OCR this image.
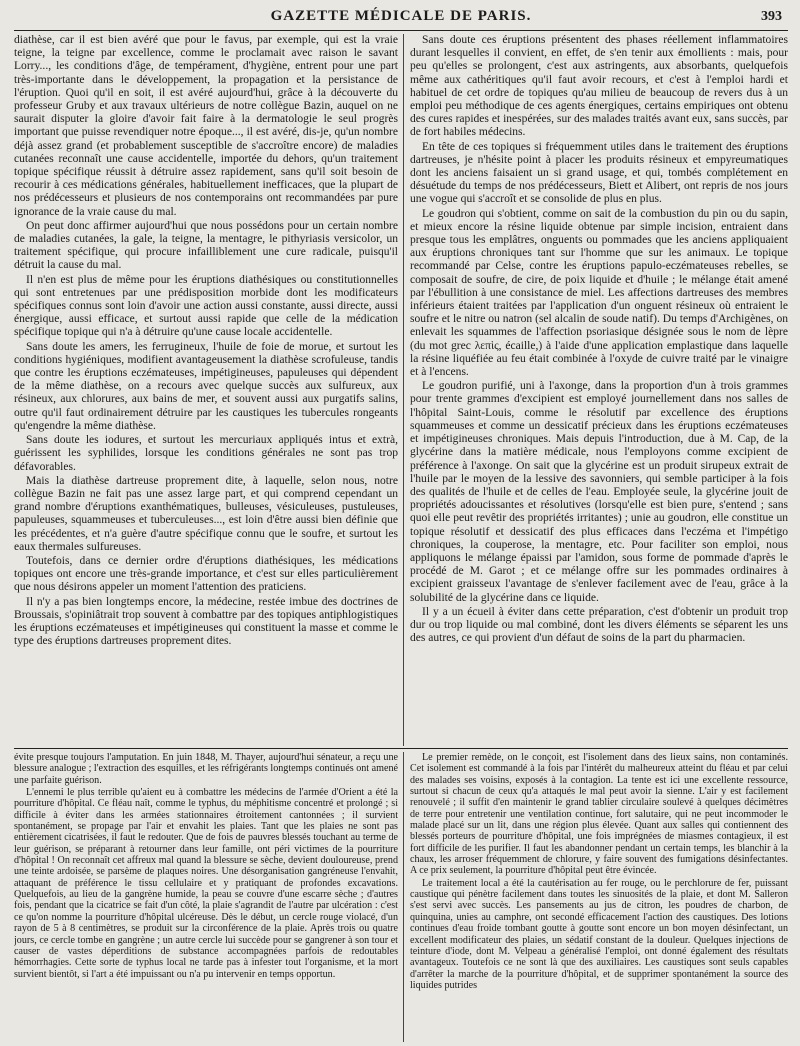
GAZETTE MÉDICALE DE PARIS.	393

diathèse, car il est bien avéré que pour le favus, par exemple, qui est la vraie teigne, la teigne par excellence, comme le proclamait avec raison le savant Lorry..., les conditions d'âge, de tempérament, d'hygiène, entrent pour une part très-importante dans le développement, la propagation et la persistance de l'éruption. Quoi qu'il en soit, il est avéré aujourd'hui, grâce à la découverte du professeur Gruby et aux travaux ultérieurs de notre collègue Bazin, auquel on ne saurait disputer la gloire d'avoir fait faire à la dermatologie le seul progrès important que puisse revendiquer notre époque..., il est avéré, dis-je, qu'un nombre déjà assez grand (et probablement susceptible de s'accroître encore) de maladies cutanées reconnaît une cause accidentelle, importée du dehors, qu'un traitement topique spécifique réussit à détruire assez rapidement, sans qu'il soit besoin de recourir à ces médications générales, habituellement inefficaces, que la plupart de nos prédécesseurs et plusieurs de nos contemporains ont recommandées par pure ignorance de la vraie cause du mal.

On peut donc affirmer aujourd'hui que nous possédons pour un certain nombre de maladies cutanées, la gale, la teigne, la mentagre, le pithyriasis versicolor, un traitement spécifique, qui procure infailliblement une cure radicale, puisqu'il détruit la cause du mal.

Il n'en est plus de même pour les éruptions diathésiques ou constitutionnelles qui sont entretenues par une prédisposition morbide dont les modificateurs spécifiques connus sont loin d'avoir une action aussi constante, aussi directe, aussi énergique, aussi efficace, et surtout aussi rapide que celle de la médication spécifique topique qui n'a à détruire qu'une cause locale accidentelle.

Sans doute les amers, les ferrugineux, l'huile de foie de morue, et surtout les conditions hygiéniques, modifient avantageusement la diathèse scrofuleuse, tandis que contre les éruptions eczémateuses, impétigineuses, papuleuses qui dépendent de la même diathèse, on a recours avec quelque succès aux sulfureux, aux résineux, aux chlorures, aux bains de mer, et souvent aussi aux purgatifs salins, outre qu'il faut ordinairement détruire par les caustiques les tubercules rongeants qu'engendre la même diathèse.

Sans doute les iodures, et surtout les mercuriaux appliqués intus et extrà, guérissent les syphilides, lorsque les conditions générales ne sont pas trop défavorables.

Mais la diathèse dartreuse proprement dite, à laquelle, selon nous, notre collègue Bazin ne fait pas une assez large part, et qui comprend cependant un grand nombre d'éruptions exanthématiques, bulleuses, vésiculeuses, pustuleuses, papuleuses, squammeuses et tuberculeuses..., est loin d'être aussi bien définie que les précédentes, et n'a guère d'autre spécifique connu que le soufre, et surtout les eaux thermales sulfureuses.

Toutefois, dans ce dernier ordre d'éruptions diathésiques, les médications topiques ont encore une très-grande importance, et c'est sur elles particulièrement que nous désirons appeler un moment l'attention des praticiens.

Il n'y a pas bien longtemps encore, la médecine, restée imbue des doctrines de Broussais, s'opiniâtrait trop souvent à combattre par des topiques antiphlogistiques les éruptions eczémateuses et impétigineuses qui constituent la masse et comme le type des éruptions dartreuses proprement dites.

Sans doute ces éruptions présentent des phases réellement inflammatoires durant lesquelles il convient, en effet, de s'en tenir aux émollients : mais, pour peu qu'elles se prolongent, c'est aux astringents, aux absorbants, quelquefois même aux cathéritiques qu'il faut avoir recours, et c'est à l'emploi hardi et habituel de cet ordre de topiques qu'au milieu de beaucoup de revers dus à un emploi peu méthodique de ces agents énergiques, certains empiriques ont obtenu des cures rapides et inespérées, sur des malades traités avant eux, sans succès, par de fort habiles médecins.

En tête de ces topiques si fréquemment utiles dans le traitement des éruptions dartreuses, je n'hésite point à placer les produits résineux et empyreumatiques dont les anciens faisaient un si grand usage, et qui, tombés complétement en désuétude du temps de nos prédécesseurs, Biett et Alibert, ont repris de nos jours une vogue qui s'accroît et se consolide de plus en plus.

Le goudron qui s'obtient, comme on sait de la combustion du pin ou du sapin, et mieux encore la résine liquide obtenue par simple incision, entraient dans presque tous les emplâtres, onguents ou pommades que les anciens appliquaient aux éruptions chroniques tant sur l'homme que sur les animaux. Le topique recommandé par Celse, contre les éruptions papulo-eczémateuses rebelles, se composait de soufre, de cire, de poix liquide et d'huile ; le mélange était amené par l'ébullition à une consistance de miel. Les affections dartreuses des membres inférieurs étaient traitées par l'application d'un onguent résineux où entraient le soufre et le nitre ou natron (sel alcalin de soude natif). Du temps d'Archigènes, on enlevait les squammes de l'affection psoriasique désignée sous le nom de lèpre (du mot grec λεπὶς, écaille,) à l'aide d'une application emplastique dans laquelle la résine liquéfiée au feu était combinée à l'oxyde de cuivre traité par le vinaigre et à l'encens.

Le goudron purifié, uni à l'axonge, dans la proportion d'un à trois grammes pour trente grammes d'excipient est employé journellement dans nos salles de l'hôpital Saint-Louis, comme le résolutif par excellence des éruptions squammeuses et comme un dessicatif précieux dans les éruptions eczémateuses et impétigineuses chroniques. Mais depuis l'introduction, due à M. Cap, de la glycérine dans la matière médicale, nous l'employons comme excipient de préférence à l'axonge. On sait que la glycérine est un produit sirupeux extrait de l'huile par le moyen de la lessive des savonniers, qui semble participer à la fois des qualités de l'huile et de celles de l'eau. Employée seule, la glycérine jouit de propriétés adoucissantes et résolutives (lorsqu'elle est bien pure, s'entend ; sans quoi elle peut revêtir des propriétés irritantes) ; unie au goudron, elle constitue un topique résolutif et dessicatif des plus efficaces dans l'eczéma et l'impétigo chroniques, la couperose, la mentagre, etc. Pour faciliter son emploi, nous appliquons le mélange épaissi par l'amidon, sous forme de pommade d'après le procédé de M. Garot ; et ce mélange offre sur les pommades ordinaires à excipient graisseux l'avantage de s'enlever facilement avec de l'eau, grâce à la solubilité de la glycérine dans ce liquide.

Il y a un écueil à éviter dans cette préparation, c'est d'obtenir un produit trop dur ou trop liquide ou mal combiné, dont les divers éléments se séparent les uns des autres, ce qui provient d'un défaut de soins de la part du pharmacien.

évite presque toujours l'amputation. En juin 1848, M. Thayer, aujourd'hui sénateur, a reçu une blessure analogue ; l'extraction des esquilles, et les réfrigérants longtemps continués ont amené une parfaite guérison.

L'ennemi le plus terrible qu'aient eu à combattre les médecins de l'armée d'Orient a été la pourriture d'hôpital. Ce fléau naît, comme le typhus, du méphitisme concentré et prolongé ; si difficile à éviter dans les armées stationnaires étroitement cantonnées ; il survient spontanément, se propage par l'air et envahit les plaies. Tant que les plaies ne sont pas entièrement cicatrisées, il faut le redouter. Que de fois de pauvres blessés touchant au terme de leur guérison, se préparant à retourner dans leur famille, ont péri victimes de la pourriture d'hôpital ! On reconnaît cet affreux mal quand la blessure se sèche, devient douloureuse, prend une teinte ardoisée, se parsème de plaques noires. Une désorganisation gangréneuse l'envahit, attaquant de préférence le tissu cellulaire et y pratiquant de profondes excavations. Quelquefois, au lieu de la gangrène humide, la peau se couvre d'une escarre sèche ; d'autres fois, pendant que la cicatrice se fait d'un côté, la plaie s'agrandit de l'autre par ulcération : c'est ce qu'on nomme la pourriture d'hôpital ulcéreuse. Dès le début, un cercle rouge violacé, d'un rayon de 5 à 8 centimètres, se produit sur la circonférence de la plaie. Après trois ou quatre jours, ce cercle tombe en gangrène ; un autre cercle lui succède pour se gangrener à son tour et causer de vastes déperditions de substance accompagnées parfois de redoutables hémorrhagies. Cette sorte de typhus local ne tarde pas à infester tout l'organisme, et la mort survient bientôt, si l'art a été impuissant ou n'a pu intervenir en temps opportun.

Le premier remède, on le conçoit, est l'isolement dans des lieux sains, non contaminés. Cet isolement est commandé à la fois par l'intérêt du malheureux atteint du fléau et par celui des malades ses voisins, exposés à la contagion. La tente est ici une excellente ressource, surtout si chacun de ceux qu'a attaqués le mal peut avoir la sienne. L'air y est facilement renouvelé ; il suffit d'en maintenir le grand tablier circulaire soulevé à quelques décimètres de terre pour entretenir une ventilation continue, fort salutaire, qui ne peut incommoder le malade placé sur un lit, dans une région plus élevée. Quant aux salles qui contiennent des blessés porteurs de pourriture d'hôpital, une fois imprégnées de miasmes contagieux, il est fort difficile de les purifier. Il faut les abandonner pendant un certain temps, les blanchir à la chaux, les arroser fréquemment de chlorure, y faire souvent des fumigations désinfectantes. A ce prix seulement, la pourriture d'hôpital peut être évincée.

Le traitement local a été la cautérisation au fer rouge, ou le perchlorure de fer, puissant caustique qui pénètre facilement dans toutes les sinuosités de la plaie, et dont M. Salleron s'est servi avec succès. Les pansements au jus de citron, les poudres de charbon, de quinquina, unies au camphre, ont secondé efficacement l'action des caustiques. Des lotions continues d'eau froide tombant goutte à goutte sont encore un bon moyen désinfectant, un excellent modificateur des plaies, un sédatif constant de la douleur. Quelques injections de teinture d'iode, dont M. Velpeau a généralisé l'emploi, ont donné également des résultats avantageux. Toutefois ce ne sont là que des auxiliaires. Les caustiques sont seuls capables d'arrêter la marche de la pourriture d'hôpital, et de supprimer spontanément la source des liquides putrides
